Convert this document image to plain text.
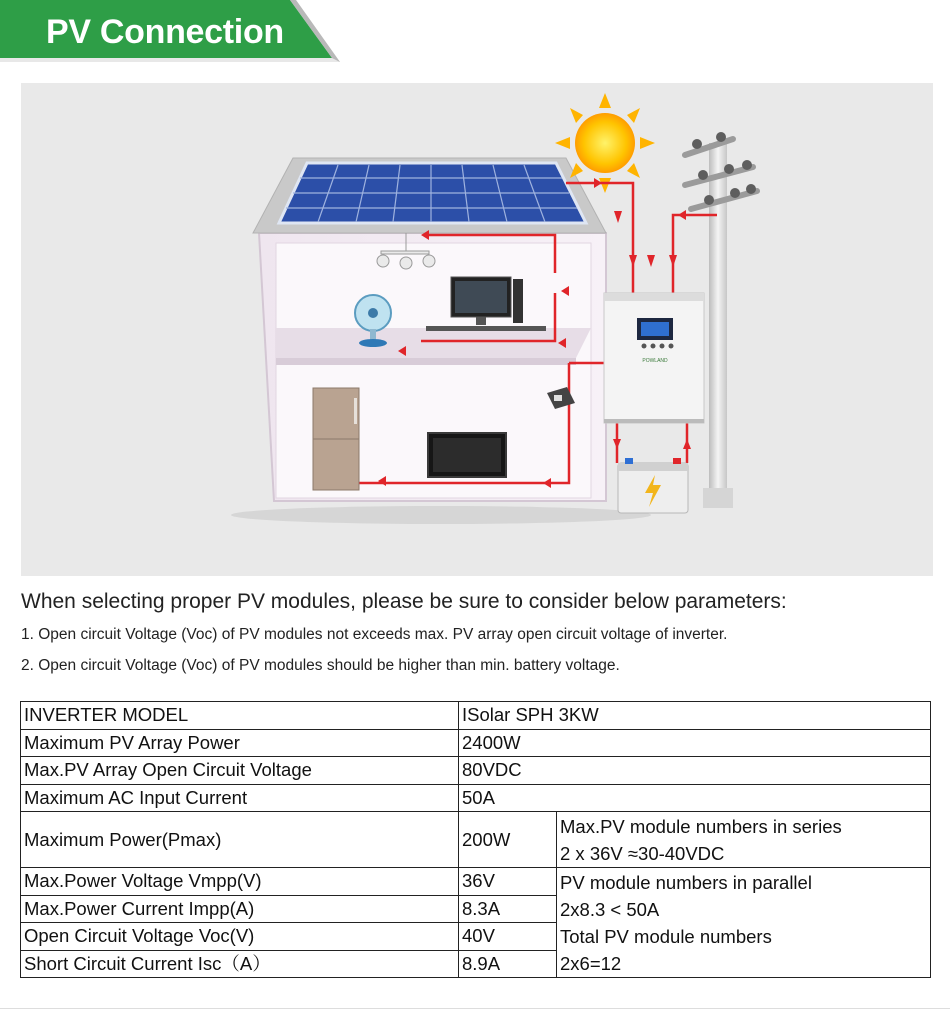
PV Connection
POWLAND
When selecting proper PV modules, please be sure to consider below parameters:
1. Open circuit Voltage (Voc) of PV modules not exceeds max. PV array open circuit voltage of inverter.
2. Open circuit Voltage (Voc) of PV modules should be higher than min. battery voltage.
INVERTER MODEL	ISolar SPH 3KW	
Maximum PV Array Power	2400W	
Max.PV Array Open Circuit Voltage	80VDC	
Maximum AC Input Current	50A	
Maximum Power(Pmax)	200W	Max.PV module numbers in series
2 x 36V ≈30-40VDC

Max.Power Voltage Vmpp(V)	36V	PV module numbers in parallel
2x8.3 < 50A
Total PV module numbers
2x6=12

Max.Power Current Impp(A)	8.3A	
Open Circuit Voltage Voc(V)	40V	
Short Circuit Current Isc（A）	8.9A	
